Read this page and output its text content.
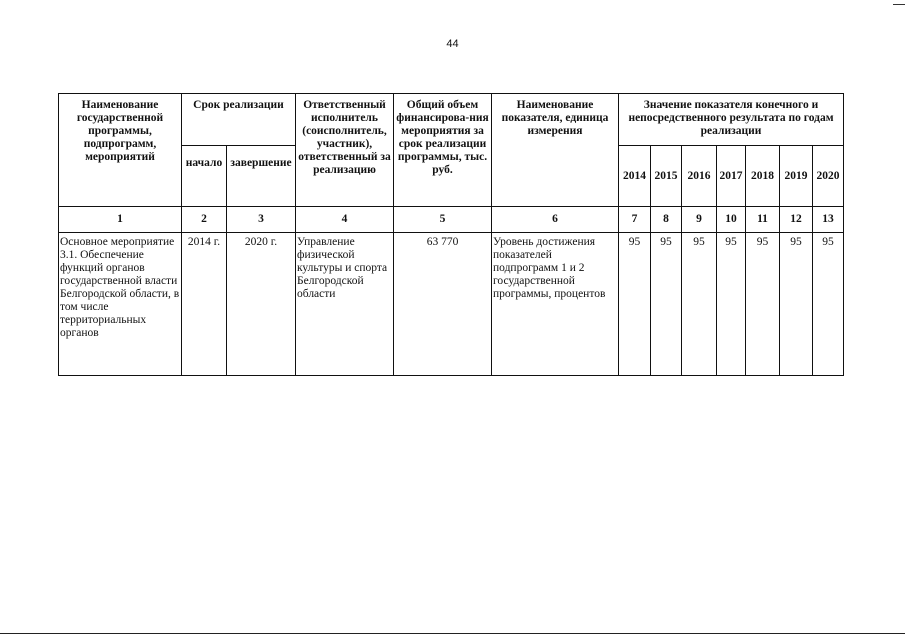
44
Наименование государственной программы, подпрограмм, мероприятий	Срок реализации		Ответственный исполнитель (соисполнитель, участник), ответственный за реализацию	Общий объем финансирова-ния мероприятия за срок реализации программы, тыс. руб.	Наименование показателя, единица измерения	Значение показателя конечного и непосредственного результата по годам реализации						
	начало	завершение				2014	2015	2016	2017	2018	2019	2020
1	2	3	4	5	6	7	8	9	10	11	12	13
Основное мероприятие 3.1. Обеспечение функций органов государственной власти Белгородской области, в том числе территориальных органов	2014 г.	2020 г.	Управление физической культуры и спорта Белгородской области	63 770	Уровень достижения показателей подпрограмм 1 и 2 государственной программы, процентов	95	95	95	95	95	95	95
